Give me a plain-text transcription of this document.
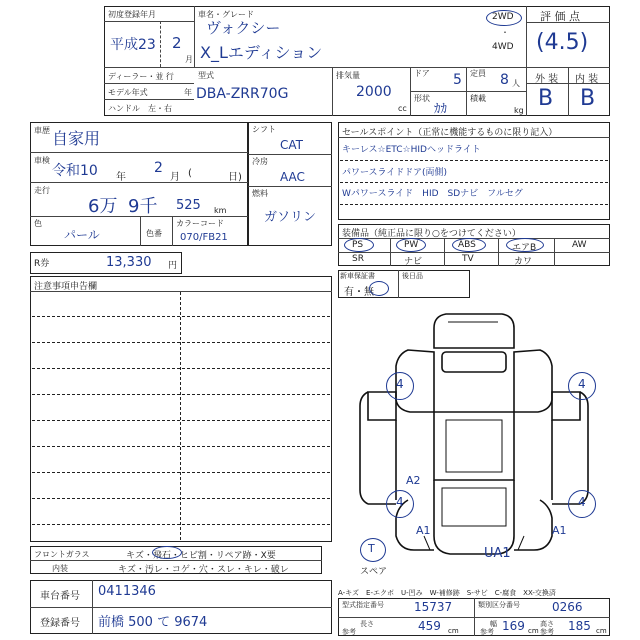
初度登録年月
平成23 2
月
車名・グレード
ヴォクシー
X_Lエディション
2WD
・
4WD
評 価 点
(4.5)
ディーラー・並 行
モデル年式	年
ハンドル　左・右
型式
DBA-ZRR70G
排気量
2000
cc
ドア 5 定員 8 人
形状
ｶｶ
積載
kg
外 装 内 装
B B
車歴 自家用
車検
令和10 年
2
月 (	日)
走行
6万 9千 525 km
色
パール	色番
カラーコード
070/FB21
シフト
CAT
冷房
AAC
燃料
ガソリン
セールスポイント（正常に機能するものに限り記入）
キーレス☆ETC☆HIDヘッドライト
パワースライドドア(両側)
Wパワースライド　HID　SDナビ　フルセグ
装備品（純正品に限り○をつけてください）
PS	PW	ABS	エアB	AW
SR	ナビ	TV	カワ
R券	13,330 円
新車保証書	後日品
有・無
注意事項申告欄
4	4
4	4
A2
A1	A1
UA1
T
スペア
フロントガラス	キズ・飛石・ヒビ割・リペア跡・X要
内装	キズ・汚レ・コゲ・穴・スレ・キレ・破レ
車台番号 0411346
登録番号 前橋 500 て 9674
A-キズ　E-エクボ　U-凹み　W-補修跡　S-サビ　C-腐食　XX-交換済
型式指定番号	15737	類別区分番号	0266
長さ
参考	459 cm
幅
参考 169 cm
高さ
参考 185 cm
